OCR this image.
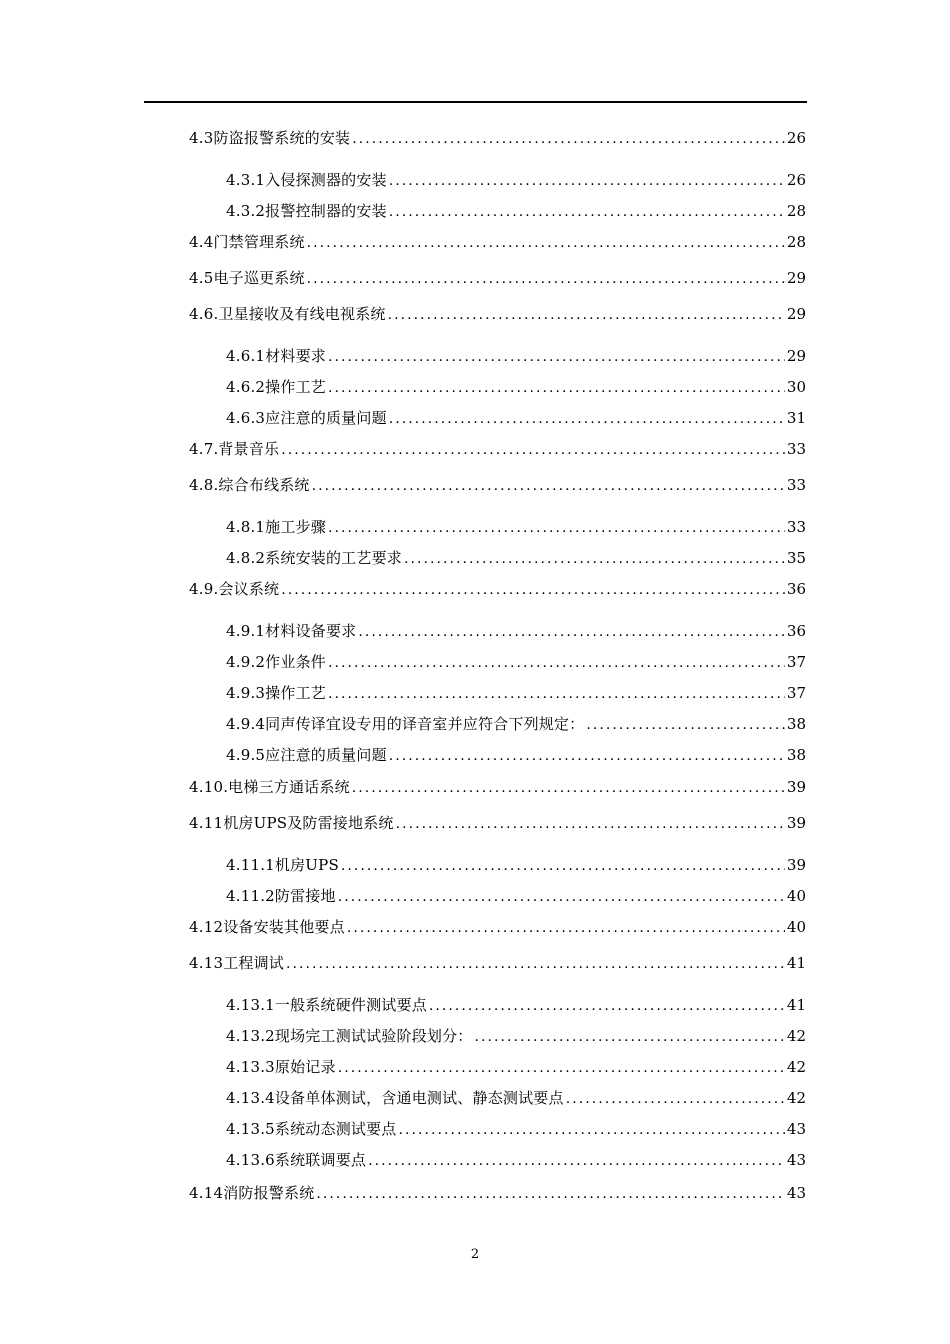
4.3防盗报警系统的安装 . . .	26
4.3.1入侵探测器的安装 . . .	26
4.3.2报警控制器的安装 . . .	28
4.4门禁管理系统 . . .	28
4.5电子巡更系统 . . .	29
4.6.卫星接收及有线电视系统 . . .	29
4.6.1材料要求 . . .	29
4.6.2操作工艺 . . .	30
4.6.3应注意的质量问题 . . .	31
4.7.背景音乐 . . .	33
4.8.综合布线系统 . . .	33
4.8.1施工步骤 . . .	33
4.8.2系统安装的工艺要求 . . .	35
4.9.会议系统 . . .	36
4.9.1材料设备要求 . . .	36
4.9.2作业条件 . . .	37
4.9.3操作工艺 . . .	37
4.9.4同声传译宜设专用的译音室并应符合下列规定： . . .	38
4.9.5应注意的质量问题 . . .	38
4.10.电梯三方通话系统 . . .	39
4.11机房UPS及防雷接地系统 . . .	39
4.11.1机房UPS . . .	39
4.11.2防雷接地 . . .	40
4.12设备安装其他要点 . . .	40
4.13工程调试 . . .	41
4.13.1一般系统硬件测试要点 . . .	41
4.13.2现场完工测试试验阶段划分： . . .	42
4.13.3原始记录 . . .	42
4.13.4设备单体测试，含通电测试、静态测试要点 . . .	42
4.13.5系统动态测试要点 . . .	43
4.13.6系统联调要点 . . .	43
4.14消防报警系统 . . .	43
2
